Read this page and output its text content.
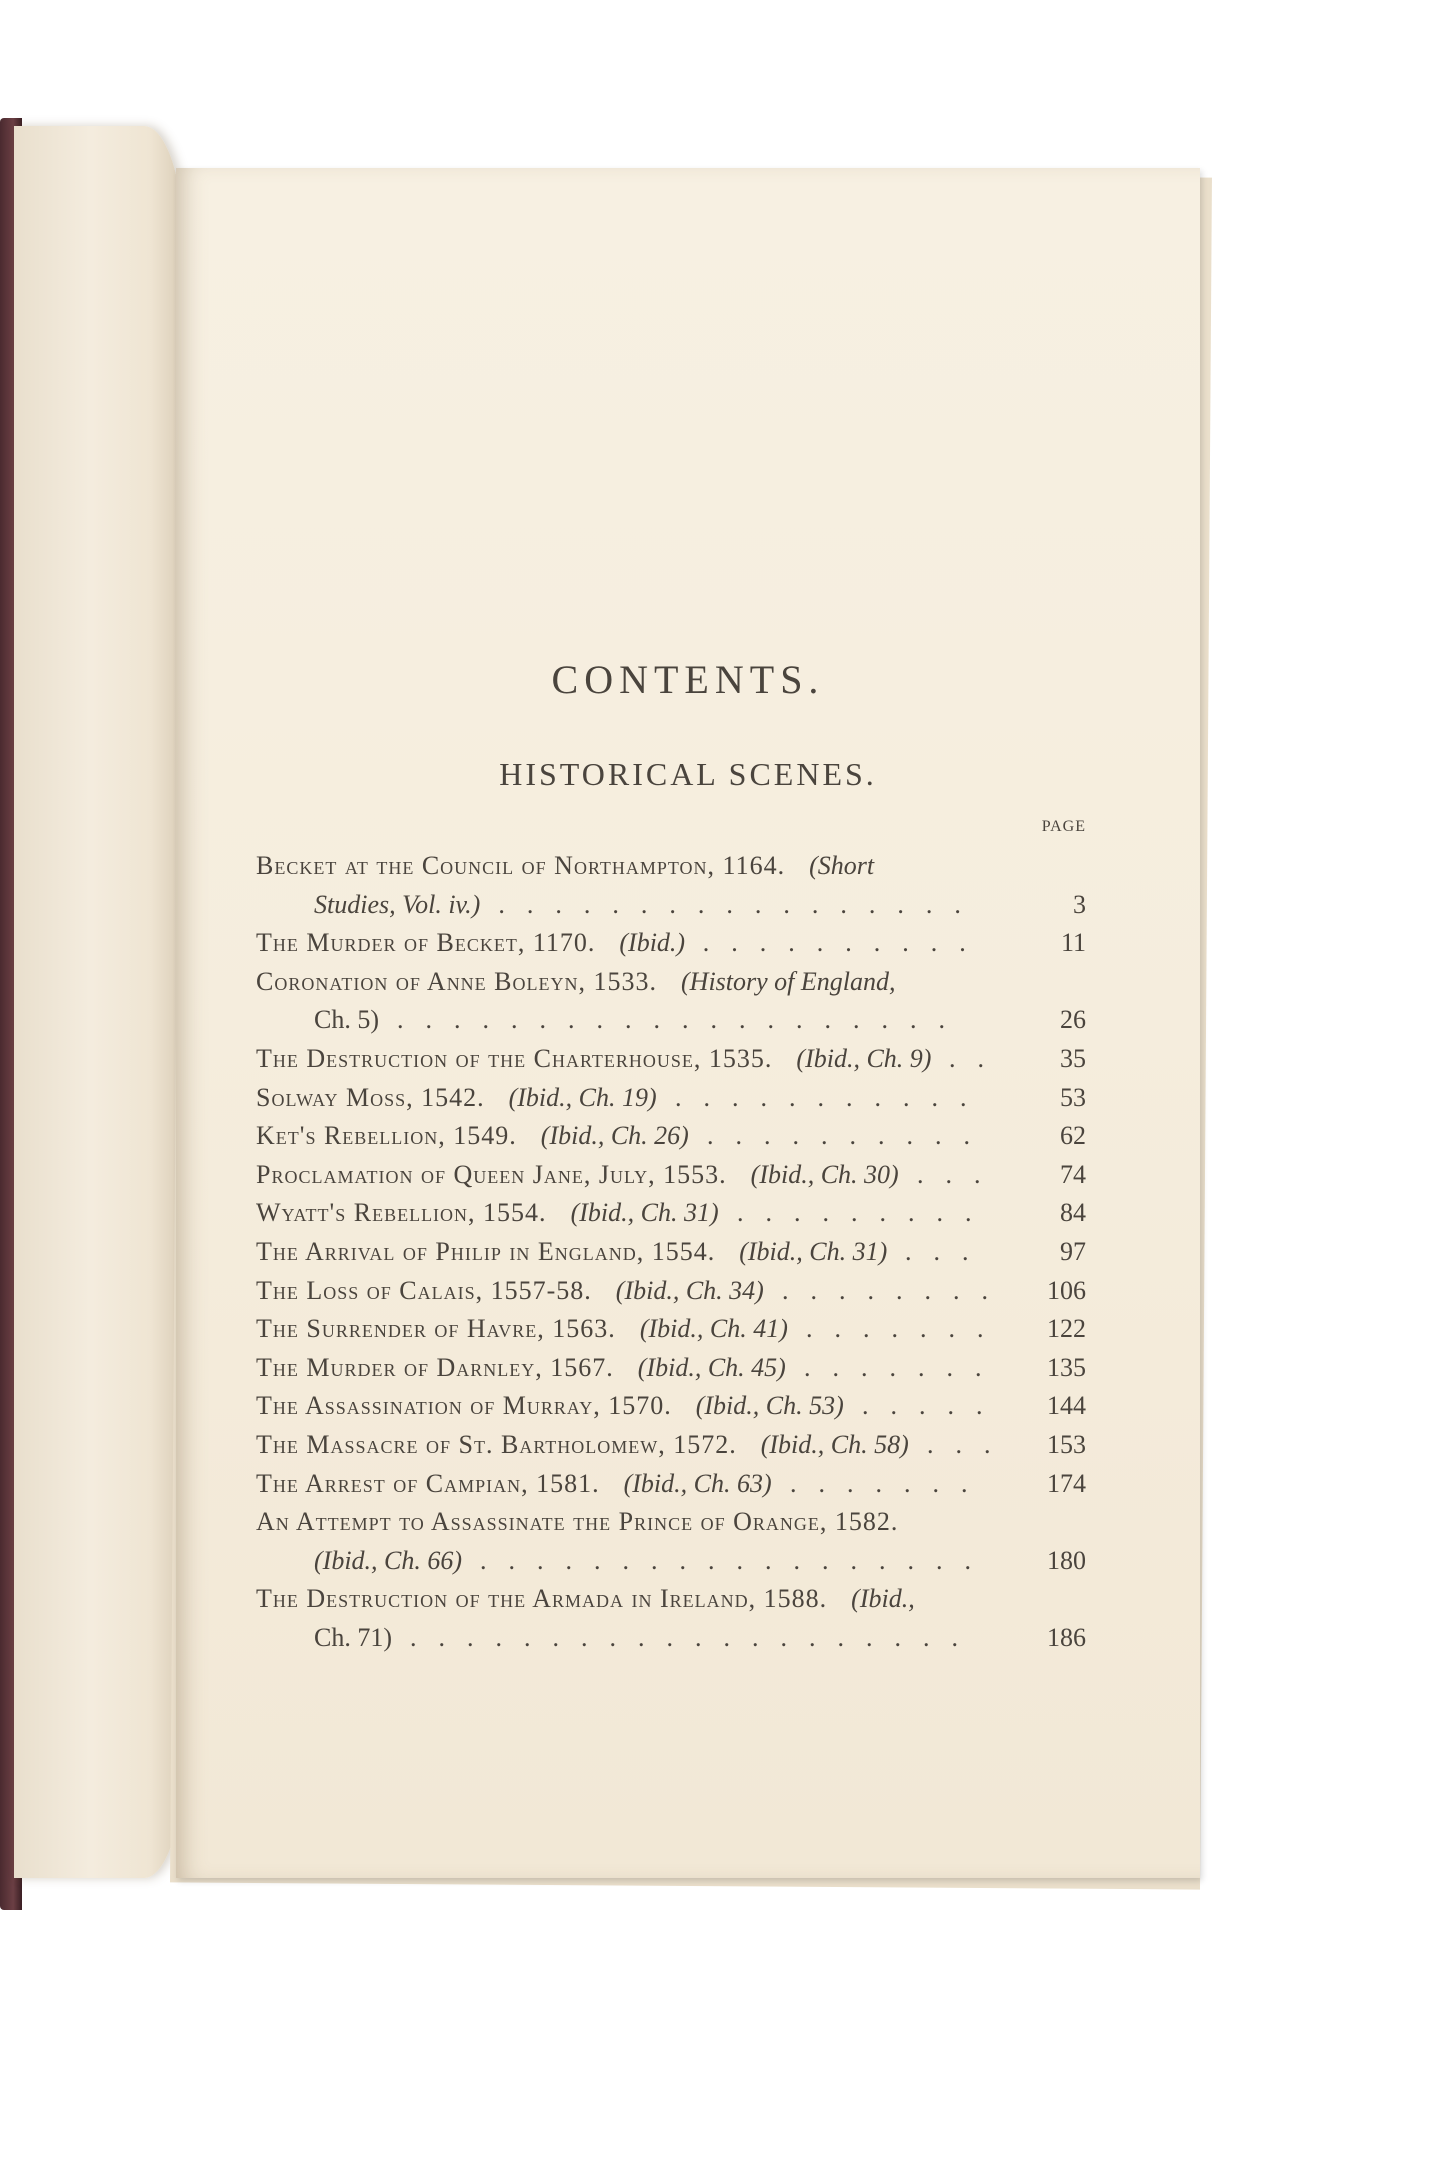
CONTENTS.
HISTORICAL SCENES.
PAGE
Becket at the Council of Northampton, 1164. (Short
Studies, Vol. iv.) .................	3
The Murder of Becket, 1170. (Ibid.) ..........	11
Coronation of Anne Boleyn, 1533. (History of England,
Ch. 5) ....................	26
The Destruction of the Charterhouse, 1535. (Ibid., Ch. 9) ..	35
Solway Moss, 1542. (Ibid., Ch. 19) ...........	53
Ket's Rebellion, 1549. (Ibid., Ch. 26) ..........	62
Proclamation of Queen Jane, July, 1553. (Ibid., Ch. 30) ...	74
Wyatt's Rebellion, 1554. (Ibid., Ch. 31) .........	84
The Arrival of Philip in England, 1554. (Ibid., Ch. 31) ...	97
The Loss of Calais, 1557-58. (Ibid., Ch. 34) ........	106
The Surrender of Havre, 1563. (Ibid., Ch. 41) .......	122
The Murder of Darnley, 1567. (Ibid., Ch. 45) .......	135
The Assassination of Murray, 1570. (Ibid., Ch. 53) .....	144
The Massacre of St. Bartholomew, 1572. (Ibid., Ch. 58) ...	153
The Arrest of Campian, 1581. (Ibid., Ch. 63) .......	174
An Attempt to Assassinate the Prince of Orange, 1582.
(Ibid., Ch. 66) ..................	180
The Destruction of the Armada in Ireland, 1588. (Ibid.,
Ch. 71) ....................	186
